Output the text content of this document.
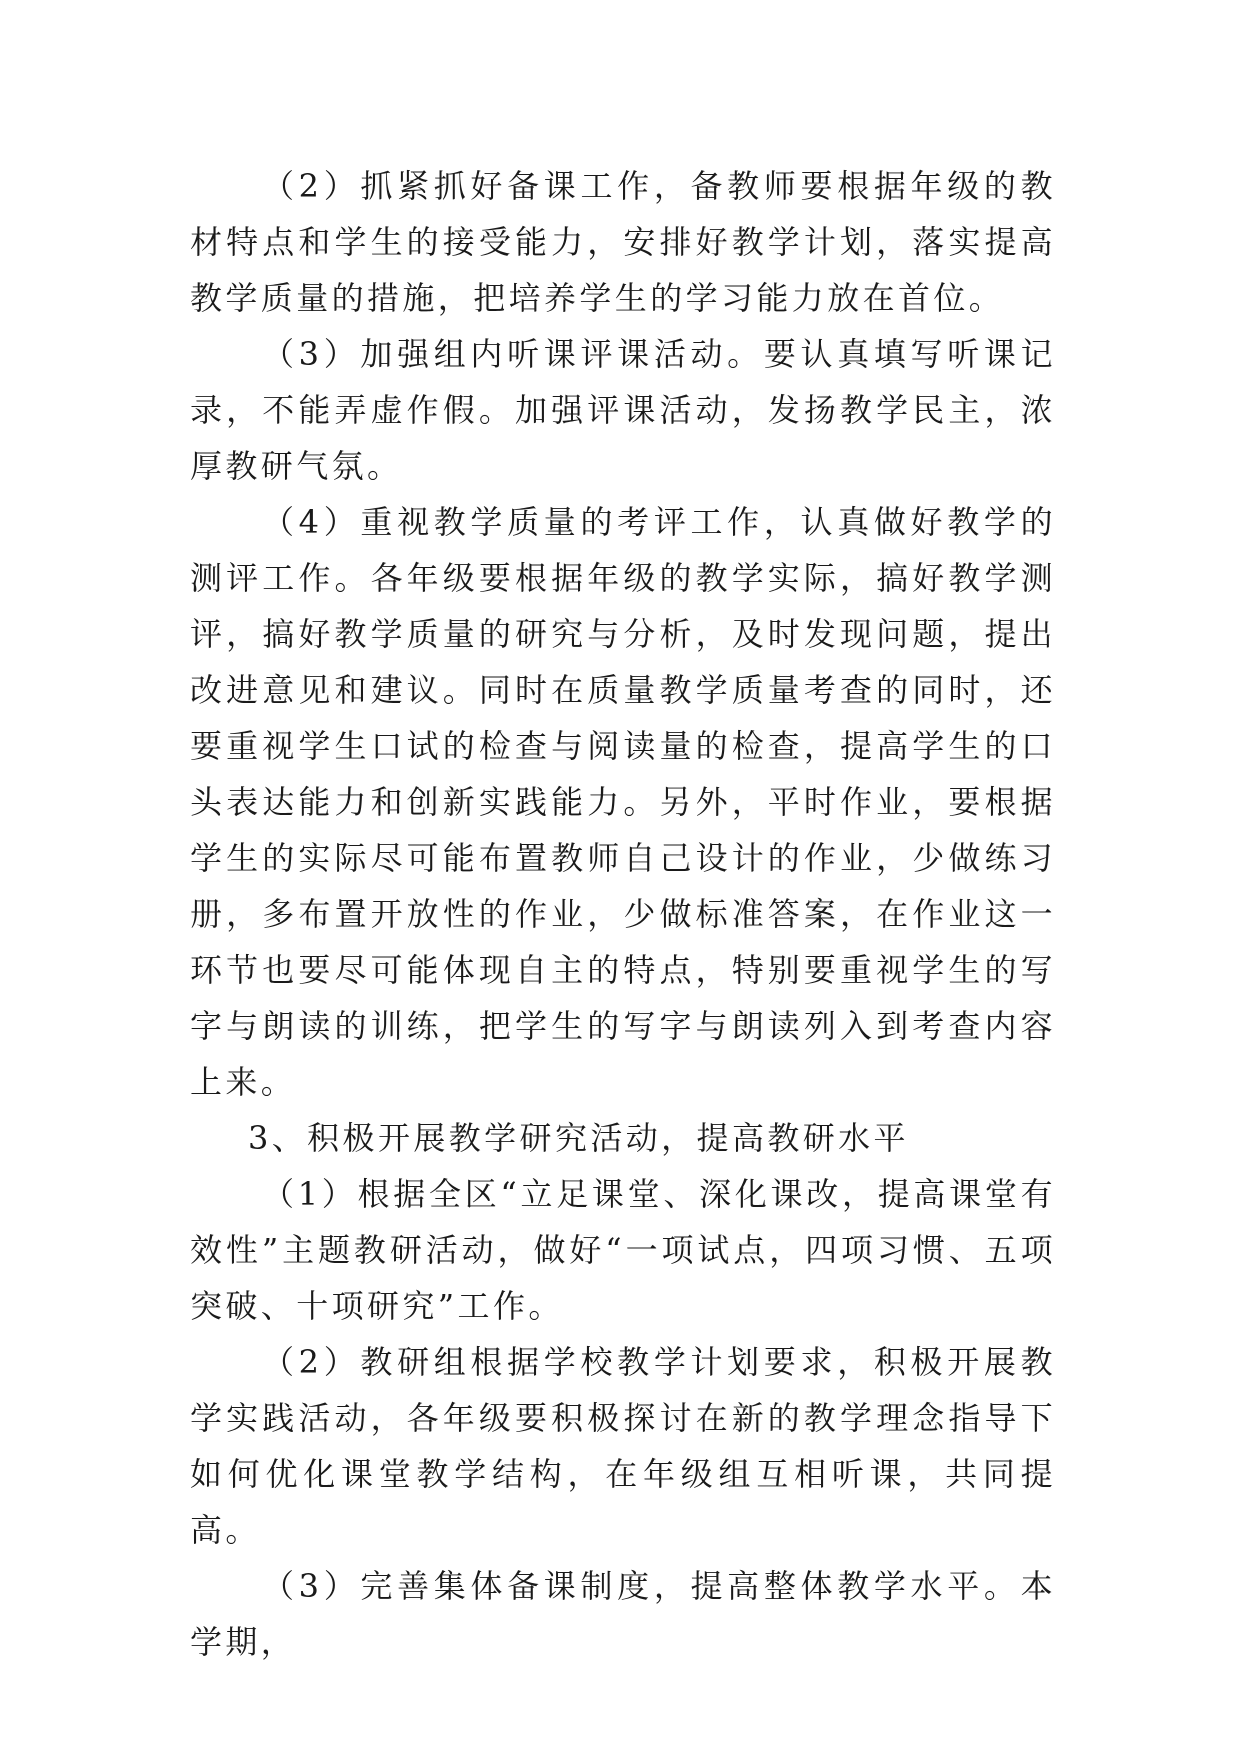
（2）抓紧抓好备课工作，备教师要根据年级的教材特点和学生的接受能力，安排好教学计划，落实提高教学质量的措施，把培养学生的学习能力放在首位。

（3）加强组内听课评课活动。要认真填写听课记录，不能弄虚作假。加强评课活动，发扬教学民主，浓厚教研气氛。

（4）重视教学质量的考评工作，认真做好教学的测评工作。各年级要根据年级的教学实际，搞好教学测评，搞好教学质量的研究与分析，及时发现问题，提出改进意见和建议。同时在质量教学质量考查的同时，还要重视学生口试的检查与阅读量的检查，提高学生的口头表达能力和创新实践能力。另外，平时作业，要根据学生的实际尽可能布置教师自己设计的作业，少做练习册，多布置开放性的作业，少做标准答案，在作业这一环节也要尽可能体现自主的特点，特别要重视学生的写字与朗读的训练，把学生的写字与朗读列入到考查内容上来。

3、积极开展教学研究活动，提高教研水平

（1）根据全区“立足课堂、深化课改，提高课堂有效性”主题教研活动，做好“一项试点，四项习惯、五项突破、十项研究”工作。

（2）教研组根据学校教学计划要求，积极开展教学实践活动，各年级要积极探讨在新的教学理念指导下如何优化课堂教学结构，在年级组互相听课，共同提高。

（3）完善集体备课制度，提高整体教学水平。本学期，
